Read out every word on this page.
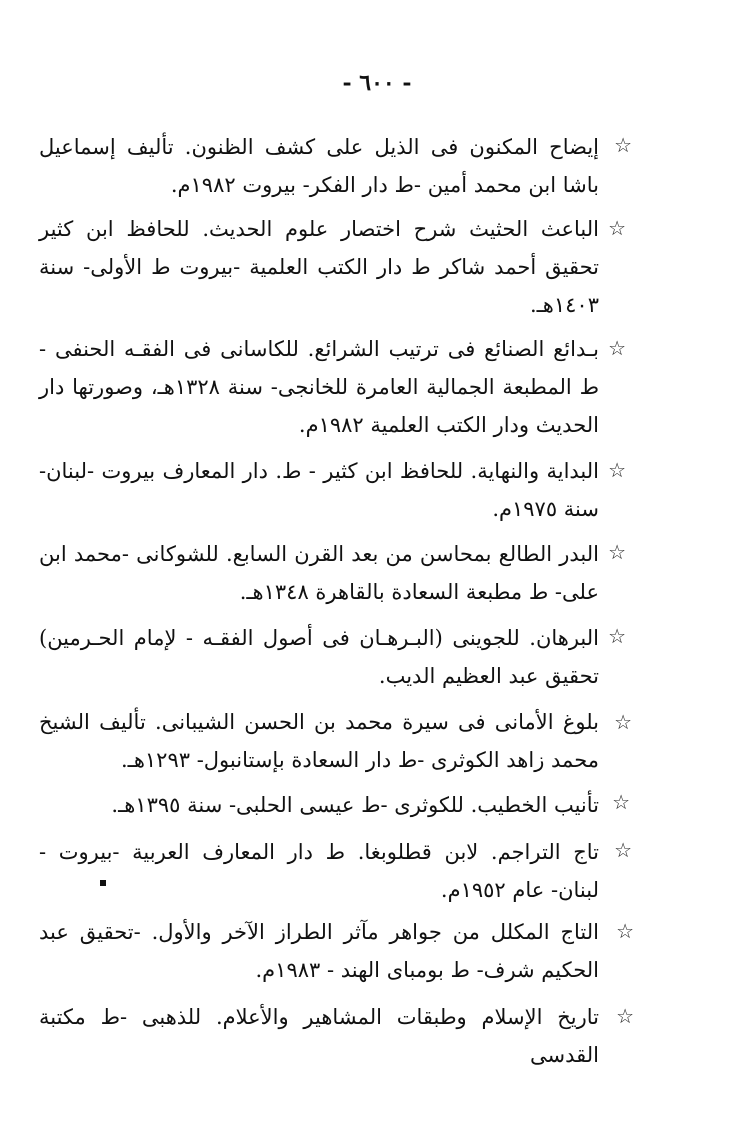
- ٦٠٠ -
☆
إيضاح المكنون فى الذيل على كشف الظنون. تأليف إسماعيل باشا ابن محمد أمين -ط دار الفكر- بيروت ١٩٨٢م.
☆
الباعث الحثيث شرح اختصار علوم الحديث. للحافظ ابن كثير تحقيق أحمد شاكر ط دار الكتب العلمية -بيروت ط الأولى- سنة ١٤٠٣هـ.
☆
بـدائع الصنائع فى ترتيب الشرائع. للكاسانى فى الفقـه الحنفى - ط المطبعة الجمالية العامرة للخانجى- سنة ١٣٢٨هـ، وصورتها دار الحديث ودار الكتب العلمية ١٩٨٢م.
☆
البداية والنهاية. للحافظ ابن كثير - ط. دار المعارف بيروت -لبنان- سنة ١٩٧٥م.
☆
البدر الطالع بمحاسن من بعد القرن السابع. للشوكانى -محمد ابن على- ط مطبعة السعادة بالقاهرة ١٣٤٨هـ.
☆
البرهان. للجوينى (البـرهـان فى أصول الفقـه - لإمام الحـرمين) تحقيق عبد العظيم الديب.
☆
بلوغ الأمانى فى سيرة محمد بن الحسن الشيبانى. تأليف الشيخ محمد زاهد الكوثرى -ط دار السعادة بإستانبول- ١٢٩٣هـ.
☆
تأنيب الخطيب. للكوثرى -ط عيسى الحلبى- سنة ١٣٩٥هـ.
☆
تاج التراجم. لابن قطلوبغا. ط دار المعارف العربية -بيروت - لبنان- عام ١٩٥٢م.
☆
التاج المكلل من جواهر مآثر الطراز الآخر والأول. -تحقيق عبد الحكيم شرف- ط بومباى الهند - ١٩٨٣م.
☆
تاريخ الإسلام وطبقات المشاهير والأعلام. للذهبى -ط مكتبة القدسى
